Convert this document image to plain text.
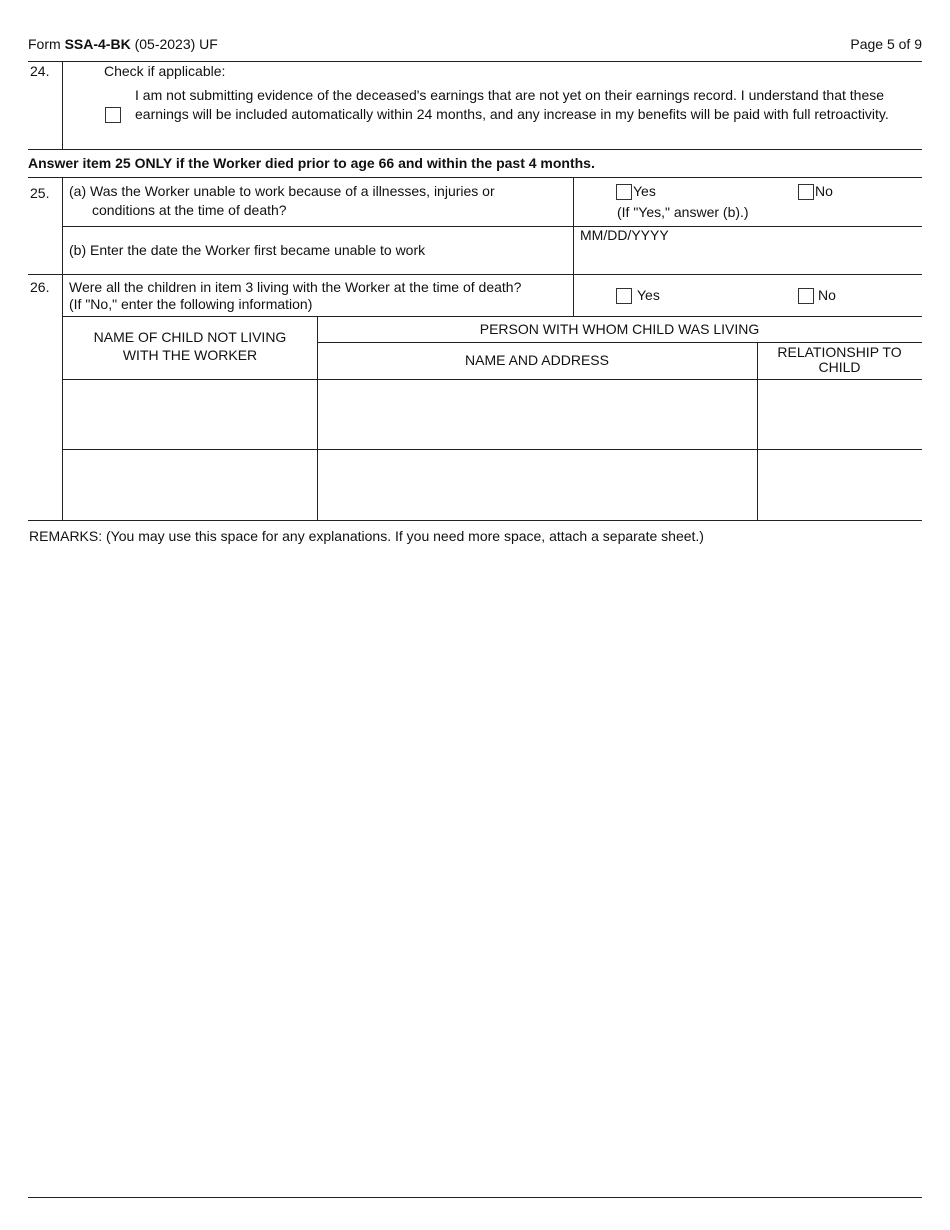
Form SSA-4-BK (05-2023) UF	Page 5 of 9
24.	Check if applicable:
I am not submitting evidence of the deceased's earnings that are not yet on their earnings record. I understand that these earnings will be included automatically within 24 months, and any increase in my benefits will be paid with full retroactivity.
Answer item 25 ONLY if the Worker died prior to age 66 and within the past 4 months.
25. (a) Was the Worker unable to work because of a illnesses, injuries or
conditions at the time of death?
Yes	No
(If "Yes," answer (b).)
(b) Enter the date the Worker first became unable to work
MM/DD/YYYY
26. Were all the children in item 3 living with the Worker at the time of death?
(If "No," enter the following information)
Yes	No
NAME OF CHILD NOT LIVING WITH THE WORKER
PERSON WITH WHOM CHILD WAS LIVING
NAME AND ADDRESS	RELATIONSHIP TO CHILD
REMARKS: (You may use this space for any explanations. If you need more space, attach a separate sheet.)
